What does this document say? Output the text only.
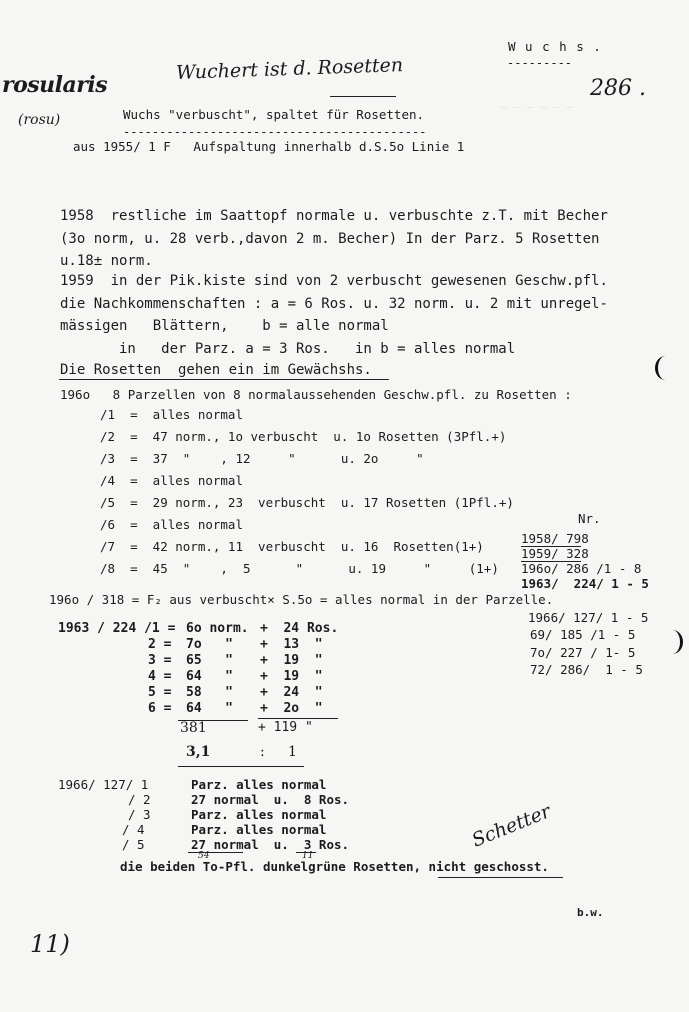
— — — — — —
W u c h s .
---------
286 .
rosularis
(rosu)
Wuchert ist d. Rosetten
Wuchs "verbuscht", spaltet für Rosetten.
------------------------------------------
aus 1955/ 1 F   Aufspaltung innerhalb d.S.5o Linie 1
1958  restliche im Saattopf normale u. verbuschte z.T. mit Becher
(3o norm, u. 28 verb.,davon 2 m. Becher) In der Parz. 5 Rosetten
u.18± norm.
1959  in der Pik.kiste sind von 2 verbuscht gewesenen Geschw.pfl.
die Nachkommenschaften : a = 6 Ros. u. 32 norm. u. 2 mit unregel-
mässigen   Blättern,    b = alle normal
in   der Parz. a = 3 Ros.   in b = alles normal
Die Rosetten  gehen ein im Gewächshs.
196o   8 Parzellen von 8 normalaussehenden Geschw.pfl. zu Rosetten :
/1  =  alles normal
/2  =  47 norm., 1o verbuscht  u. 1o Rosetten (3Pfl.+)
/3  =  37  "    , 12     "      u. 2o     "
/4  =  alles normal
/5  =  29 norm., 23  verbuscht  u. 17 Rosetten (1Pfl.+)
/6  =  alles normal
/7  =  42 norm., 11  verbuscht  u. 16  Rosetten(1+)
/8  =  45  "    ,  5      "      u. 19     "     (1+)
Nr.
1958/ 798
1959/ 328
196o/ 286 /1 - 8
1963/  224/ 1 - 5
196o / 318 = F₂ aus verbuscht× S.5o = alles normal in der Parzelle.
1966/ 127/ 1 - 5
69/ 185 /1 - 5
7o/ 227 / 1- 5
72/ 286/  1 - 5
1963 / 224 /1 = 6o norm. +  24 Ros.
2 = 7o   " +  13  "
3 = 65   " +  19  "
4 = 64   " +  19  "
5 = 58   " +  24  "
6 = 64   " +  2o  "
381	+ 119 "
3,1	: 1
1966/ 127/ 1	Parz. alles normal
/ 2	27 normal  u.  8 Ros.
/ 3	Parz. alles normal
/ 4	Parz. alles normal
/ 5	27 normal  u.  3 Ros.
54	11
die beiden To-Pfl. dunkelgrüne Rosetten, nicht geschosst.
Schetter
b.w.
11)
